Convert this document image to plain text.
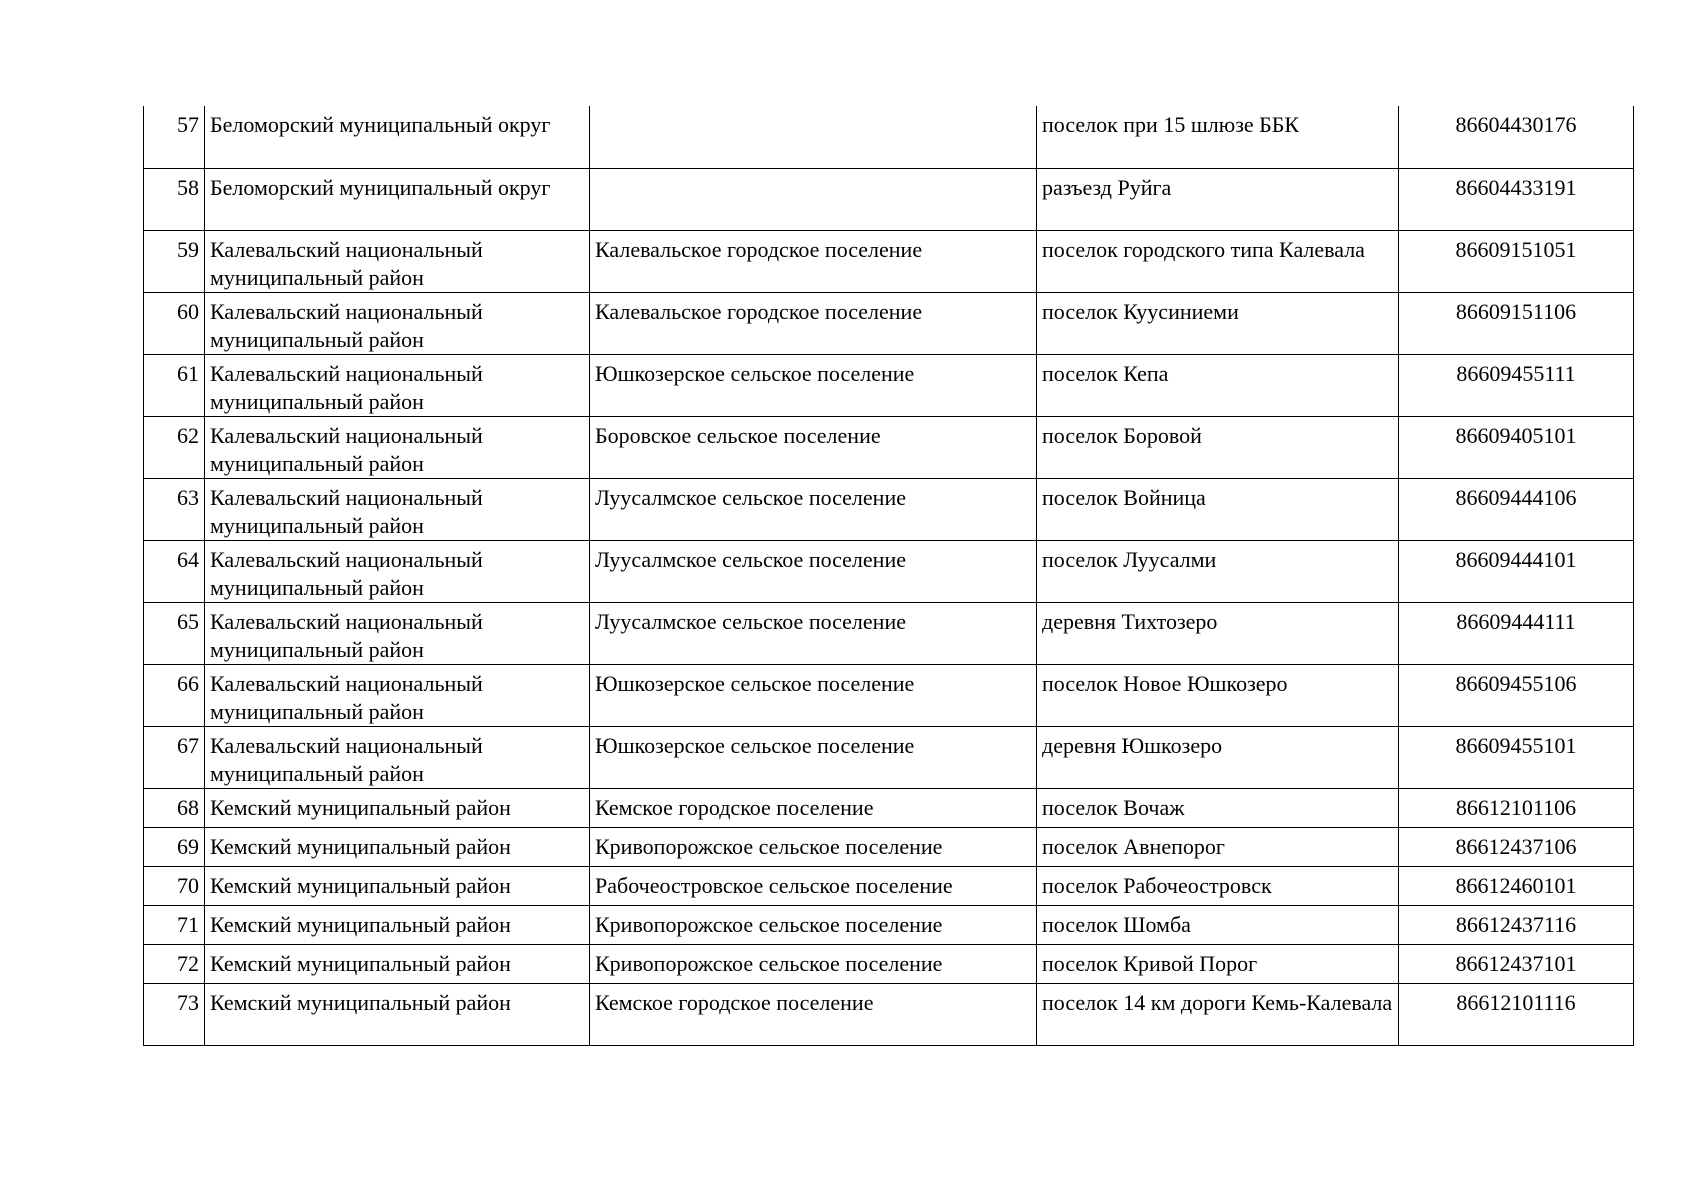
57	Беломорский муниципальный округ		поселок при 15 шлюзе ББК	86604430176
58	Беломорский муниципальный округ		разъезд Руйга	86604433191
59	Калевальский национальный муниципальный район	Калевальское городское поселение	поселок городского типа Калевала	86609151051
60	Калевальский национальный муниципальный район	Калевальское городское поселение	поселок Куусиниеми	86609151106
61	Калевальский национальный муниципальный район	Юшкозерское сельское поселение	поселок Кепа	86609455111
62	Калевальский национальный муниципальный район	Боровское сельское поселение	поселок Боровой	86609405101
63	Калевальский национальный муниципальный район	Луусалмское сельское поселение	поселок Войница	86609444106
64	Калевальский национальный муниципальный район	Луусалмское сельское поселение	поселок Луусалми	86609444101
65	Калевальский национальный муниципальный район	Луусалмское сельское поселение	деревня Тихтозеро	86609444111
66	Калевальский национальный муниципальный район	Юшкозерское сельское поселение	поселок Новое Юшкозеро	86609455106
67	Калевальский национальный муниципальный район	Юшкозерское сельское поселение	деревня Юшкозеро	86609455101
68	Кемский муниципальный район	Кемское городское поселение	поселок Вочаж	86612101106
69	Кемский муниципальный район	Кривопорожское сельское поселение	поселок Авнепорог	86612437106
70	Кемский муниципальный район	Рабочеостровское сельское поселение	поселок Рабочеостровск	86612460101
71	Кемский муниципальный район	Кривопорожское сельское поселение	поселок Шомба	86612437116
72	Кемский муниципальный район	Кривопорожское сельское поселение	поселок Кривой Порог	86612437101
73	Кемский муниципальный район	Кемское городское поселение	поселок 14 км дороги Кемь-Калевала	86612101116
